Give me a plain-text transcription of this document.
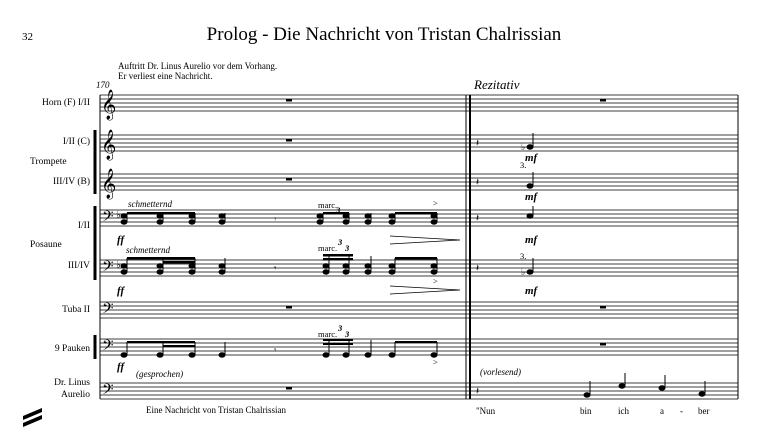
32	Prolog - Die Nachricht von Tristan Chalrissian
Auftritt Dr. Linus Aurelio vor dem Vorhang.
Er verliest eine Nachricht.
170	Rezitativ
Horn (F) I/II
I/II (C)
Trompete
III/IV (B)
I/II
Posaune
III/IV
Tuba II
9 Pauken
Dr. Linus
Aurelio
𝄞
𝄞
𝄞
𝄢
𝄢
𝄢
𝄢
𝄢
♭
♭
𝄾
𝄾
𝄾
𝄽	♭
𝄽
𝄽
𝄽	♭
𝄽
schmetternd
schmetternd
marc.
marc.
marc.
ff
ff
ff
mf
mf
mf
mf
3
3
3
3
3
3.
3.
>
>
>
(gesprochen)	(vorlesend)
Eine Nachricht von Tristan Chalrissian	"Nun	bin	ich	a - ber
